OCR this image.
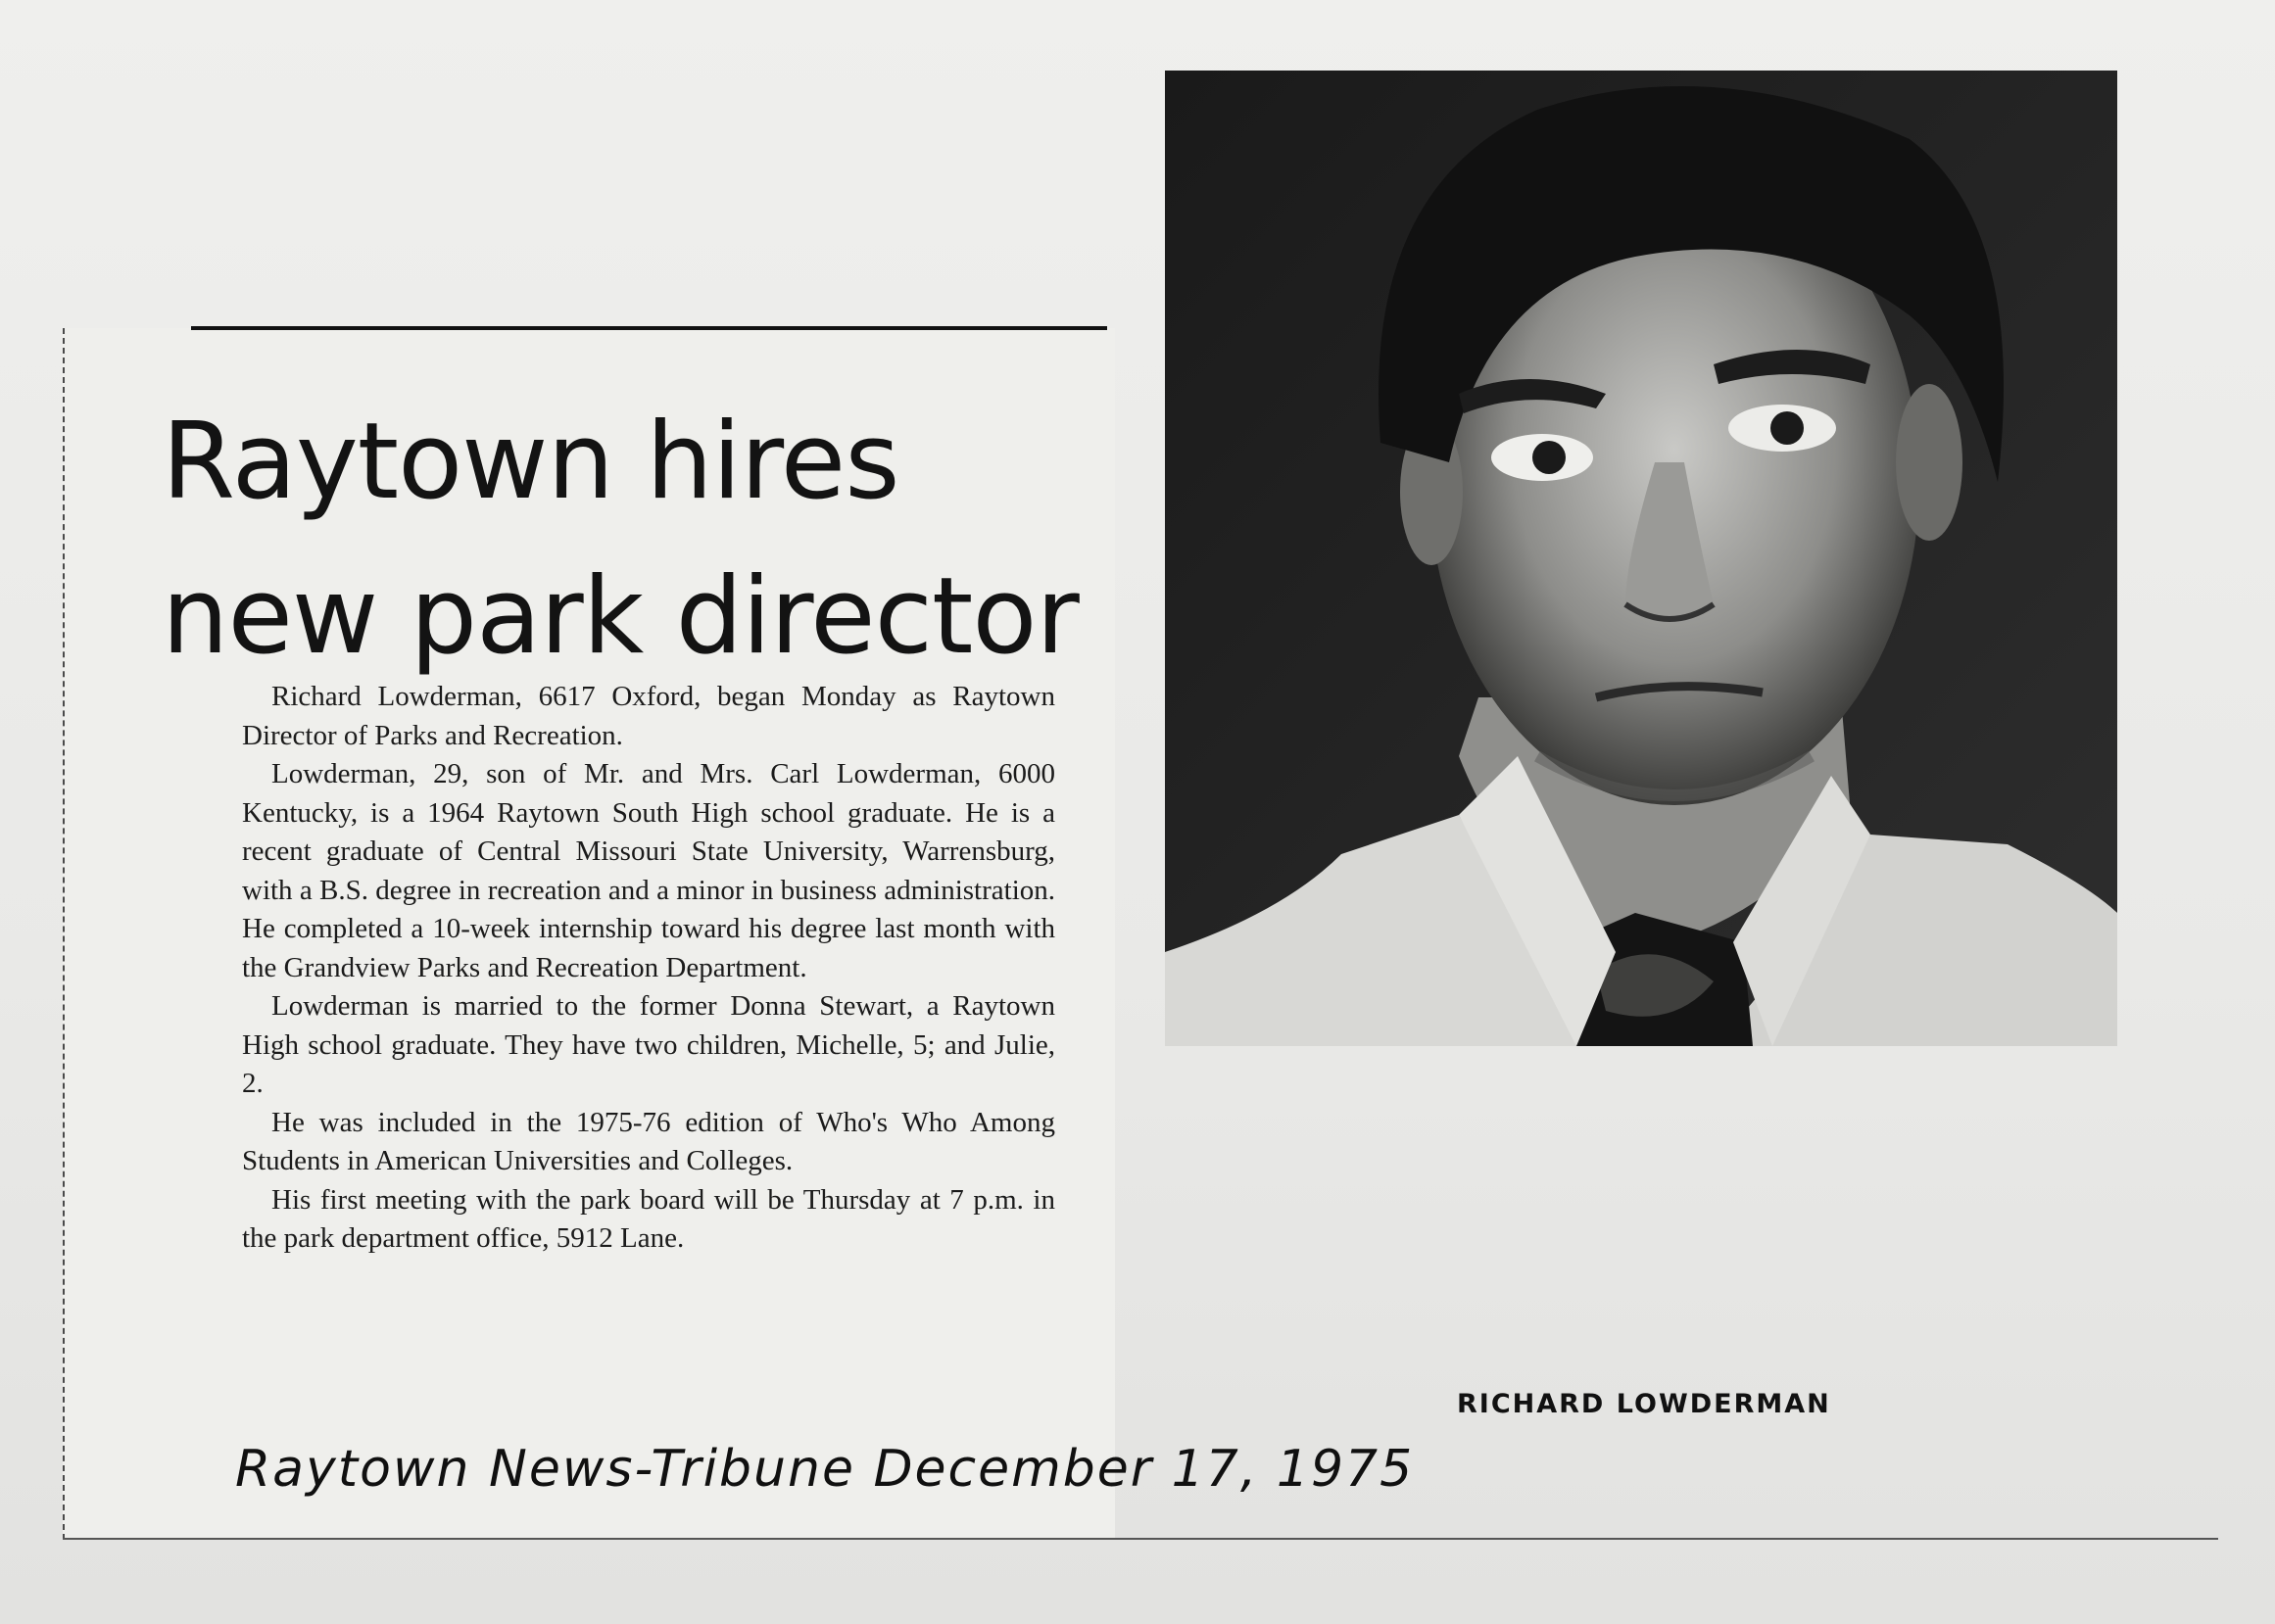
Raytown hires
new park director

Richard Lowderman, 6617 Oxford, began Monday as Raytown Director of Parks and Recreation.

Lowderman, 29, son of Mr. and Mrs. Carl Lowderman, 6000 Kentucky, is a 1964 Raytown South High school graduate. He is a recent graduate of Central Missouri State University, Warrensburg, with a B.S. degree in recreation and a minor in business administration. He completed a 10-week internship toward his degree last month with the Grandview Parks and Recreation Department.

Lowderman is married to the former Donna Stewart, a Raytown High school graduate. They have two children, Michelle, 5; and Julie, 2.

He was included in the 1975-76 edition of Who's Who Among Students in American Universities and Colleges.

His first meeting with the park board will be Thursday at 7 p.m. in the park department office, 5912 Lane.

RICHARD LOWDERMAN
Raytown News-Tribune December 17, 1975
